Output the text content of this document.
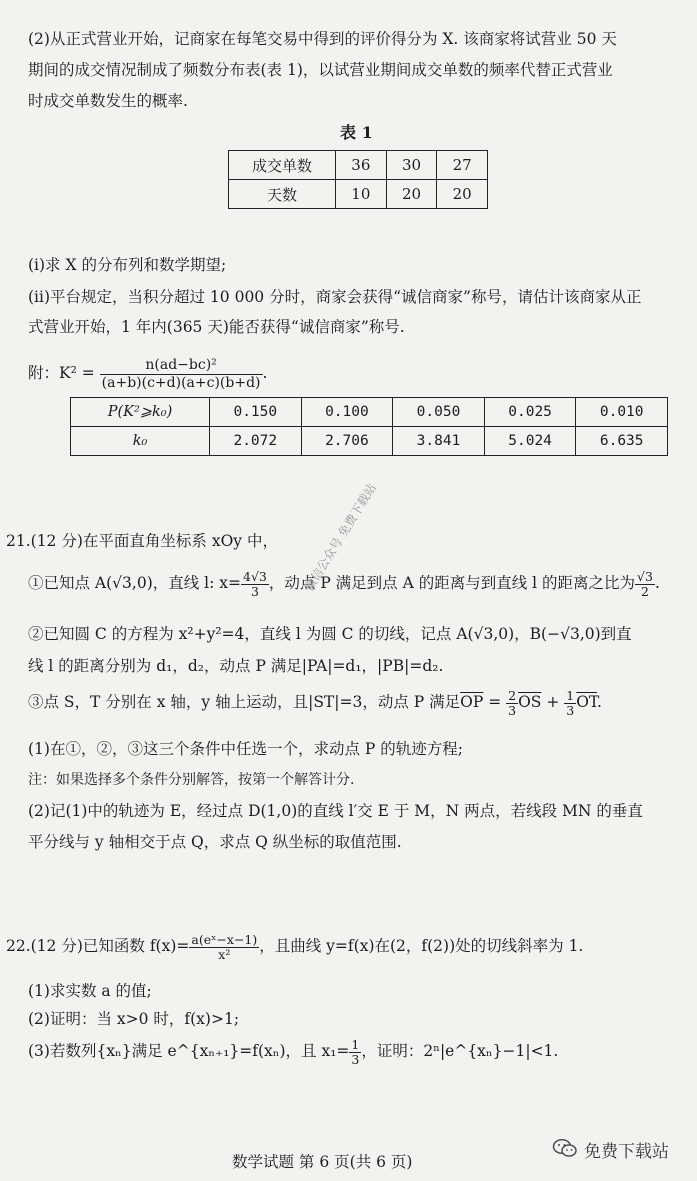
(2)从正式营业开始，记商家在每笔交易中得到的评价得分为 X. 该商家将试营业 50 天
期间的成交情况制成了频数分布表(表 1)，以试营业期间成交单数的频率代替正式营业
时成交单数发生的概率.
表 1
成交单数	36	30	27
天数	10	20	20
(ⅰ)求 X 的分布列和数学期望;
(ⅱ)平台规定，当积分超过 10 000 分时，商家会获得“诚信商家”称号，请估计该商家从正
式营业开始，1 年内(365 天)能否获得“诚信商家”称号.
附：$K^2 = \frac{\text{n(ad−bc)²}}{(a+b)(c+d)(a+c)(b+d)}$ .
P(K²⩾k₀)	0.150	0.100	0.050	0.025	0.010
k₀	2.072	2.706	3.841	5.024	6.635
21.(12 分)在平面直角坐标系 xOy 中，
①已知点 A(√3,0)，直线 l: $x= \frac{4√3}{3}$ ，动点 P 满足到点 A 的距离与到直线 l 的距离之比为 $\frac{√3}{2}$ .
②已知圆 C 的方程为 x²+y²=4，直线 l 为圆 C 的切线，记点 A(√3,0)，B(−√3,0)到直
线 l 的距离分别为 d₁，d₂，动点 P 满足|PA|=d₁，|PB|=d₂.
③点 S，T 分别在 x 轴，y 轴上运动，且|ST|=3，动点 P 满足$\overline{OP} = \frac{2}{3} \overline{OS} + \frac{1}{3} \overline{OT}$.
(1)在①，②，③这三个条件中任选一个，求动点 P 的轨迹方程;
注：如果选择多个条件分别解答，按第一个解答计分.
(2)记(1)中的轨迹为 E，经过点 D(1,0)的直线 l′交 E 于 M，N 两点，若线段 MN 的垂直
平分线与 y 轴相交于点 Q，求点 Q 纵坐标的取值范围.
22.(12 分)已知函数 $f(x)= \frac{\text{a(eˣ−x−1)}}{\text{x²}}$ ，且曲线 y=f(x)在(2，f(2))处的切线斜率为 1.
(1)求实数 a 的值;
(2)证明：当 x>0 时，f(x)>1;
(3)若数列{xₙ}满足 e^{xₙ₊₁}=f(xₙ)，且 $x_1= \frac{1}{3}$ ，证明：2ⁿ|e^{xₙ}−1|<1.
微信公众号 免费下载站
数学试题 第 6 页(共 6 页)	免费下载站
